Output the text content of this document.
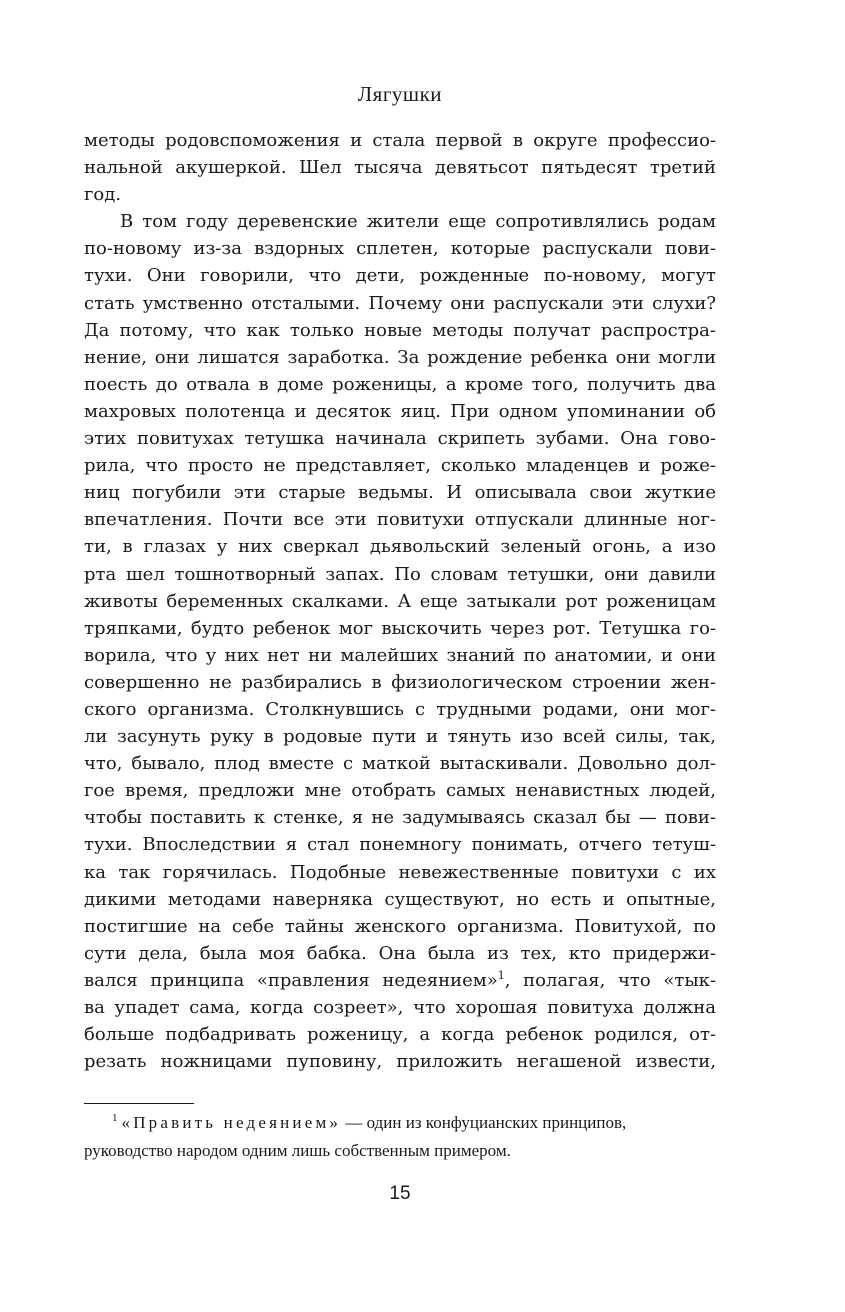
Лягушки
методы родовспоможения и стала первой в округе профессио-
нальной акушеркой. Шел тысяча девятьсот пятьдесят третий
год.
В том году деревенские жители еще сопротивлялись родам
по-новому из-за вздорных сплетен, которые распускали пови-
тухи. Они говорили, что дети, рожденные по-новому, могут
стать умственно отсталыми. Почему они распускали эти слухи?
Да потому, что как только новые методы получат распростра-
нение, они лишатся заработка. За рождение ребенка они могли
поесть до отвала в доме роженицы, а кроме того, получить два
махровых полотенца и десяток яиц. При одном упоминании об
этих повитухах тетушка начинала скрипеть зубами. Она гово-
рила, что просто не представляет, сколько младенцев и роже-
ниц погубили эти старые ведьмы. И описывала свои жуткие
впечатления. Почти все эти повитухи отпускали длинные ног-
ти, в глазах у них сверкал дьявольский зеленый огонь, а изо
рта шел тошнотворный запах. По словам тетушки, они давили
животы беременных скалками. А еще затыкали рот роженицам
тряпками, будто ребенок мог выскочить через рот. Тетушка го-
ворила, что у них нет ни малейших знаний по анатомии, и они
совершенно не разбирались в физиологическом строении жен-
ского организма. Столкнувшись с трудными родами, они мог-
ли засунуть руку в родовые пути и тянуть изо всей силы, так,
что, бывало, плод вместе с маткой вытаскивали. Довольно дол-
гое время, предложи мне отобрать самых ненавистных людей,
чтобы поставить к стенке, я не задумываясь сказал бы — пови-
тухи. Впоследствии я стал понемногу понимать, отчего тетуш-
ка так горячилась. Подобные невежественные повитухи с их
дикими методами наверняка существуют, но есть и опытные,
постигшие на себе тайны женского организма. Повитухой, по
сути дела, была моя бабка. Она была из тех, кто придержи-
вался принципа «правления недеянием»$^1$, полагая, что «тык-
ва упадет сама, когда созреет», что хорошая повитуха должна
больше подбадривать роженицу, а когда ребенок родился, от-
резать ножницами пуповину, приложить негашеной извести,
$^1$ «Править недеянием» — один из конфуцианских принципов,
руководство народом одним лишь собственным примером.
15
